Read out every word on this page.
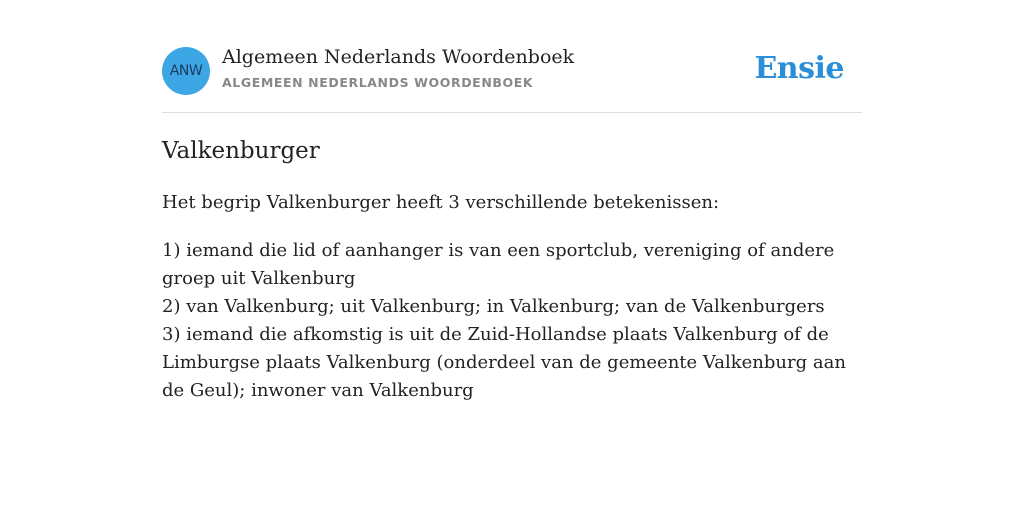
ANW
Algemeen Nederlands Woordenboek
ALGEMEEN NEDERLANDS WOORDENBOEK	Ensie
Valkenburger
Het begrip Valkenburger heeft 3 verschillende betekenissen:
1) iemand die lid of aanhanger is van een sportclub, vereniging of andere groep uit Valkenburg
2) van Valkenburg; uit Valkenburg; in Valkenburg; van de Valkenburgers
3) iemand die afkomstig is uit de Zuid-Hollandse plaats Valkenburg of de Limburgse plaats Valkenburg (onderdeel van de gemeente Valkenburg aan de Geul); inwoner van Valkenburg
